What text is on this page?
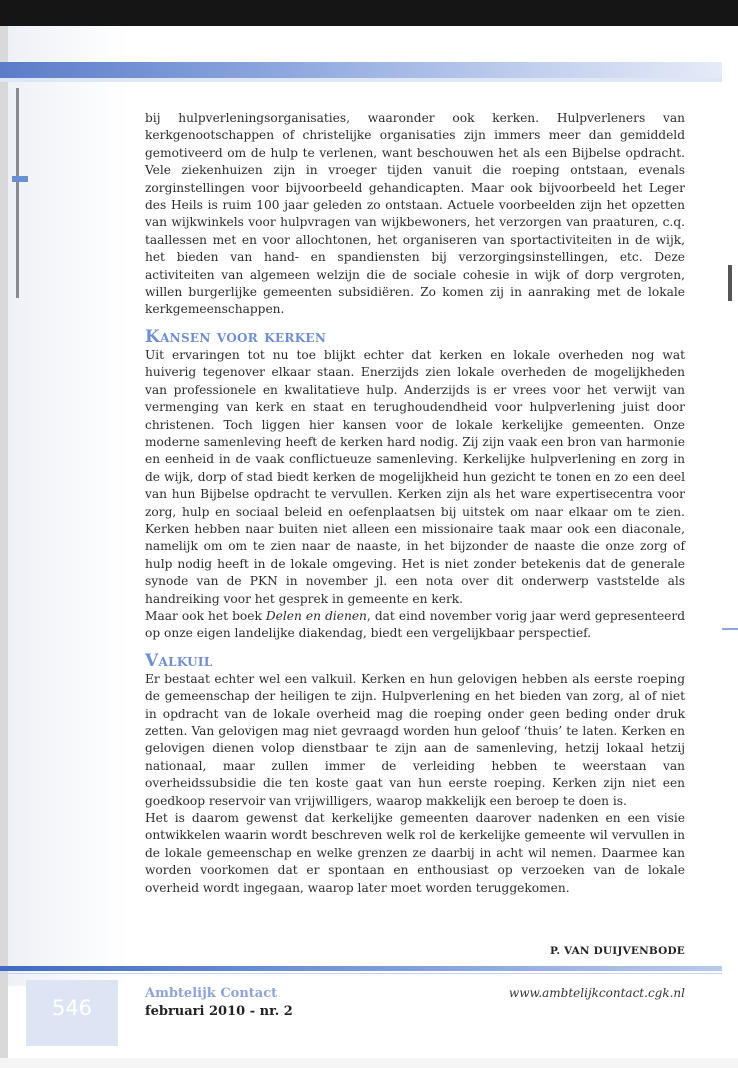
bij hulpverleningsorganisaties, waaronder ook kerken. Hulpverleners van kerkgenootschappen of christelijke organisaties zijn immers meer dan gemiddeld gemotiveerd om de hulp te verlenen, want beschouwen het als een Bijbelse opdracht. Vele ziekenhuizen zijn in vroeger tijden vanuit die roeping ontstaan, evenals zorginstellingen voor bijvoorbeeld gehandicapten. Maar ook bijvoorbeeld het Leger des Heils is ruim 100 jaar geleden zo ontstaan. Actuele voorbeelden zijn het opzetten van wijkwinkels voor hulpvragen van wijkbewoners, het verzorgen van praaturen, c.q. taallessen met en voor allochtonen, het organiseren van sportactiviteiten in de wijk, het bieden van hand- en spandiensten bij verzorgingsinstellingen, etc. Deze activiteiten van algemeen welzijn die de sociale cohesie in wijk of dorp vergroten, willen burgerlijke gemeenten subsidiëren. Zo komen zij in aanraking met de lokale kerkgemeenschappen.

Kansen voor kerken

Uit ervaringen tot nu toe blijkt echter dat kerken en lokale overheden nog wat huiverig tegenover elkaar staan. Enerzijds zien lokale overheden de mogelijkheden van professionele en kwalitatieve hulp. Anderzijds is er vrees voor het verwijt van vermenging van kerk en staat en terughoudendheid voor hulpverlening juist door christenen. Toch liggen hier kansen voor de lokale kerkelijke gemeenten. Onze moderne samenleving heeft de kerken hard nodig. Zij zijn vaak een bron van harmonie en eenheid in de vaak conflictueuze samenleving. Kerkelijke hulpverlening en zorg in de wijk, dorp of stad biedt kerken de mogelijkheid hun gezicht te tonen en zo een deel van hun Bijbelse opdracht te vervullen. Kerken zijn als het ware expertisecentra voor zorg, hulp en sociaal beleid en oefenplaatsen bij uitstek om naar elkaar om te zien. Kerken hebben naar buiten niet alleen een missionaire taak maar ook een diaconale, namelijk om om te zien naar de naaste, in het bijzonder de naaste die onze zorg of hulp nodig heeft in de lokale omgeving. Het is niet zonder betekenis dat de generale synode van de PKN in november jl. een nota over dit onderwerp vaststelde als handreiking voor het gesprek in gemeente en kerk.

Maar ook het boek Delen en dienen, dat eind november vorig jaar werd gepresenteerd op onze eigen landelijke diakendag, biedt een vergelijkbaar perspectief.

Valkuil

Er bestaat echter wel een valkuil. Kerken en hun gelovigen hebben als eerste roeping de gemeenschap der heiligen te zijn. Hulpverlening en het bieden van zorg, al of niet in opdracht van de lokale overheid mag die roeping onder geen beding onder druk zetten. Van gelovigen mag niet gevraagd worden hun geloof ‘thuis’ te laten. Kerken en gelovigen dienen volop dienstbaar te zijn aan de samenleving, hetzij lokaal hetzij nationaal, maar zullen immer de verleiding hebben te weerstaan van overheidssubsidie die ten koste gaat van hun eerste roeping. Kerken zijn niet een goedkoop reservoir van vrijwilligers, waarop makkelijk een beroep te doen is.

Het is daarom gewenst dat kerkelijke gemeenten daarover nadenken en een visie ontwikkelen waarin wordt beschreven welk rol de kerkelijke gemeente wil vervullen in de lokale gemeenschap en welke grenzen ze daarbij in acht wil nemen. Daarmee kan worden voorkomen dat er spontaan en enthousiast op verzoeken van de lokale overheid wordt ingegaan, waarop later moet worden teruggekomen.

P. VAN DUIJVENBODE
546
Ambtelijk Contact
februari 2010 - nr. 2
www.ambtelijkcontact.cgk.nl
